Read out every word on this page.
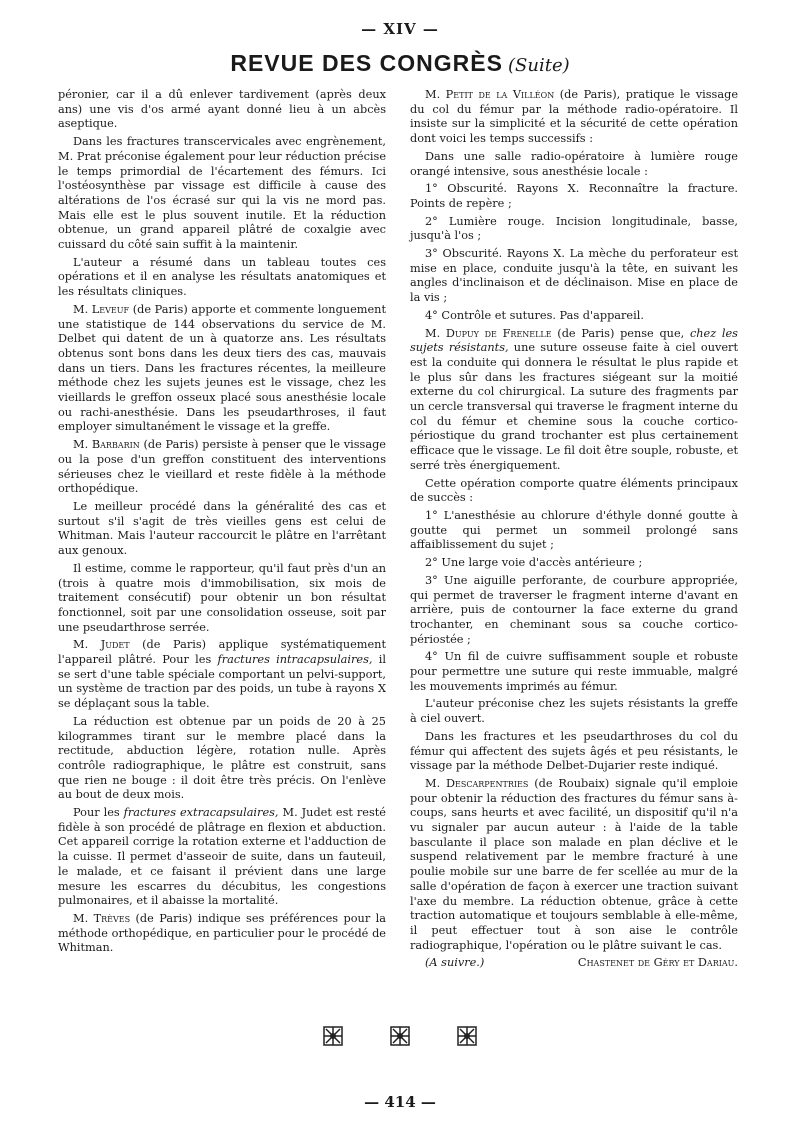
— XIV —
REVUE DES CONGRÈS (Suite)

péronier, car il a dû enlever tardivement (après deux ans) une vis d'os armé ayant donné lieu à un abcès aseptique.

Dans les fractures transcervicales avec engrènement, M. Prat préconise également pour leur réduction précise le temps primordial de l'écartement des fémurs. Ici l'ostéosynthèse par vissage est difficile à cause des altérations de l'os écrasé sur qui la vis ne mord pas. Mais elle est le plus souvent inutile. Et la réduction obtenue, un grand appareil plâtré de coxalgie avec cuissard du côté sain suffit à la maintenir.

L'auteur a résumé dans un tableau toutes ces opérations et il en analyse les résultats anatomiques et les résultats cliniques.

M. Leveuf (de Paris) apporte et commente longuement une statistique de 144 observations du service de M. Delbet qui datent de un à quatorze ans. Les résultats obtenus sont bons dans les deux tiers des cas, mauvais dans un tiers. Dans les fractures récentes, la meilleure méthode chez les sujets jeunes est le vissage, chez les vieillards le greffon osseux placé sous anesthésie locale ou rachi-anesthésie. Dans les pseudarthroses, il faut employer simultanément le vissage et la greffe.

M. Barbarin (de Paris) persiste à penser que le vissage ou la pose d'un greffon constituent des interventions sérieuses chez le vieillard et reste fidèle à la méthode orthopédique.

Le meilleur procédé dans la généralité des cas et surtout s'il s'agit de très vieilles gens est celui de Whitman. Mais l'auteur raccourcit le plâtre en l'arrêtant aux genoux.

Il estime, comme le rapporteur, qu'il faut près d'un an (trois à quatre mois d'immobilisation, six mois de traitement consécutif) pour obtenir un bon résultat fonctionnel, soit par une consolidation osseuse, soit par une pseudarthrose serrée.

M. Judet (de Paris) applique systématiquement l'appareil plâtré. Pour les fractures intracapsulaires, il se sert d'une table spéciale comportant un pelvi-support, un système de traction par des poids, un tube à rayons X se déplaçant sous la table.

La réduction est obtenue par un poids de 20 à 25 kilogrammes tirant sur le membre placé dans la rectitude, abduction légère, rotation nulle. Après contrôle radiographique, le plâtre est construit, sans que rien ne bouge : il doit être très précis. On l'enlève au bout de deux mois.

Pour les fractures extracapsulaires, M. Judet est resté fidèle à son procédé de plâtrage en flexion et abduction. Cet appareil corrige la rotation externe et l'adduction de la cuisse. Il permet d'asseoir de suite, dans un fauteuil, le malade, et ce faisant il prévient dans une large mesure les escarres du décubitus, les congestions pulmonaires, et il abaisse la mortalité.

M. Trèves (de Paris) indique ses préférences pour la méthode orthopédique, en particulier pour le procédé de Whitman.

M. Petit de la Villéon (de Paris), pratique le vissage du col du fémur par la méthode radio-opératoire. Il insiste sur la simplicité et la sécurité de cette opération dont voici les temps successifs :

Dans une salle radio-opératoire à lumière rouge orangé intensive, sous anesthésie locale :

1° Obscurité. Rayons X. Reconnaître la fracture. Points de repère ;

2° Lumière rouge. Incision longitudinale, basse, jusqu'à l'os ;

3° Obscurité. Rayons X. La mèche du perforateur est mise en place, conduite jusqu'à la tête, en suivant les angles d'inclinaison et de déclinaison. Mise en place de la vis ;

4° Contrôle et sutures. Pas d'appareil.

M. Dupuy de Frenelle (de Paris) pense que, chez les sujets résistants, une suture osseuse faite à ciel ouvert est la conduite qui donnera le résultat le plus rapide et le plus sûr dans les fractures siégeant sur la moitié externe du col chirurgical. La suture des fragments par un cercle transversal qui traverse le fragment interne du col du fémur et chemine sous la couche cortico-périostique du grand trochanter est plus certainement efficace que le vissage. Le fil doit être souple, robuste, et serré très énergiquement.

Cette opération comporte quatre éléments principaux de succès :

1° L'anesthésie au chlorure d'éthyle donné goutte à goutte qui permet un sommeil prolongé sans affaiblissement du sujet ;

2° Une large voie d'accès antérieure ;

3° Une aiguille perforante, de courbure appropriée, qui permet de traverser le fragment interne d'avant en arrière, puis de contourner la face externe du grand trochanter, en cheminant sous sa couche cortico-périostée ;

4° Un fil de cuivre suffisamment souple et robuste pour permettre une suture qui reste immuable, malgré les mouvements imprimés au fémur.

L'auteur préconise chez les sujets résistants la greffe à ciel ouvert.

Dans les fractures et les pseudarthroses du col du fémur qui affectent des sujets âgés et peu résistants, le vissage par la méthode Delbet-Dujarier reste indiqué.

M. Descarpentries (de Roubaix) signale qu'il emploie pour obtenir la réduction des fractures du fémur sans à-coups, sans heurts et avec facilité, un dispositif qu'il n'a vu signaler par aucun auteur : à l'aide de la table basculante il place son malade en plan déclive et le suspend relativement par le membre fracturé à une poulie mobile sur une barre de fer scellée au mur de la salle d'opération de façon à exercer une traction suivant l'axe du membre. La réduction obtenue, grâce à cette traction automatique et toujours semblable à elle-même, il peut effectuer tout à son aise le contrôle radiographique, l'opération ou le plâtre suivant le cas.

(A suivre.)	Chastenet de Géry et Dariau.
— 414 —
